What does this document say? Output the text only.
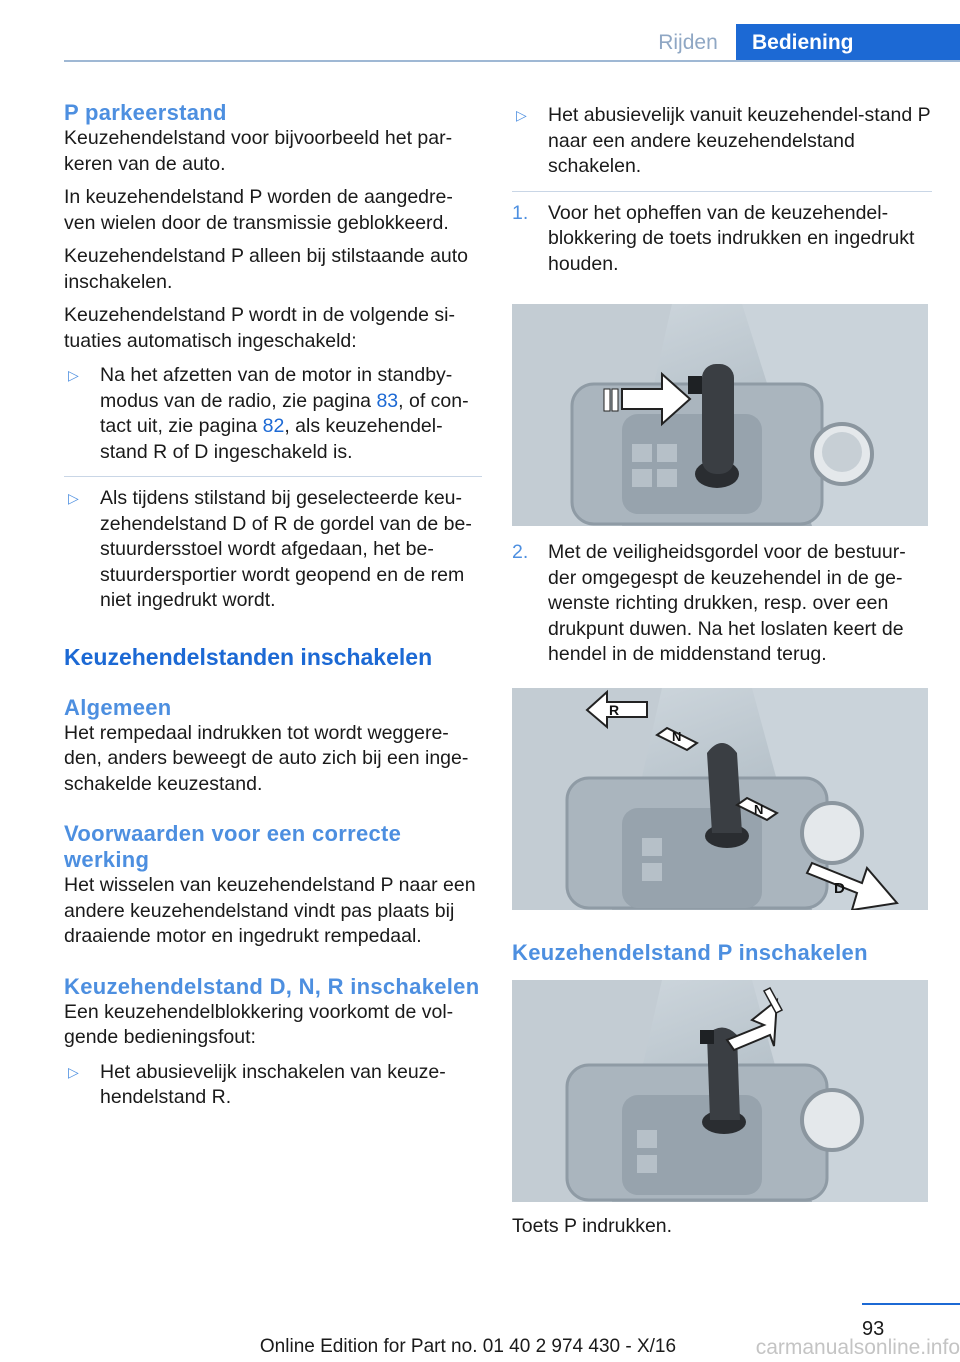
Rijden	Bediening
P parkeerstand

Keuzehendelstand voor bijvoorbeeld het par-keren van de auto.

In keuzehendelstand P worden de aangedre-ven wielen door de transmissie geblokkeerd.

Keuzehendelstand P alleen bij stilstaande auto inschakelen.

Keuzehendelstand P wordt in de volgende si-tuaties automatisch ingeschakeld:

▷	Na het afzetten van de motor in standby-modus van de radio, zie pagina 83, of con-tact uit, zie pagina 82, als keuzehendel-stand R of D ingeschakeld is.
▷	Als tijdens stilstand bij geselecteerde keu-zehendelstand D of R de gordel van de be-stuurdersstoel wordt afgedaan, het be-stuurdersportier wordt geopend en de rem niet ingedrukt wordt.
Keuzehendelstanden inschakelen
Algemeen

Het rempedaal indrukken tot wordt weggere-den, anders beweegt de auto zich bij een inge-schakelde keuzestand.

Voorwaarden voor een correcte werking

Het wisselen van keuzehendelstand P naar een andere keuzehendelstand vindt pas plaats bij draaiende motor en ingedrukt rempedaal.

Keuzehendelstand D, N, R inschakelen

Een keuzehendelblokkering voorkomt de vol-gende bedieningsfout:

▷	Het abusievelijk inschakelen van keuze-hendelstand R.
▷	Het abusievelijk vanuit keuzehendel-stand P naar een andere keuzehendelstand schakelen.
1.	Voor het opheffen van de keuzehendel-blokkering de toets indrukken en ingedrukt houden.
2.	Met de veiligheidsgordel voor de bestuur-der omgegespt de keuzehendel in de ge-wenste richting drukken, resp. over een drukpunt duwen. Na het loslaten keert de hendel in de middenstand terug.
R
N
N
D
Keuzehendelstand P inschakelen

Toets P indrukken.

93
Online Edition for Part no. 01 40 2 974 430 - X/16	carmanualsonline.info
